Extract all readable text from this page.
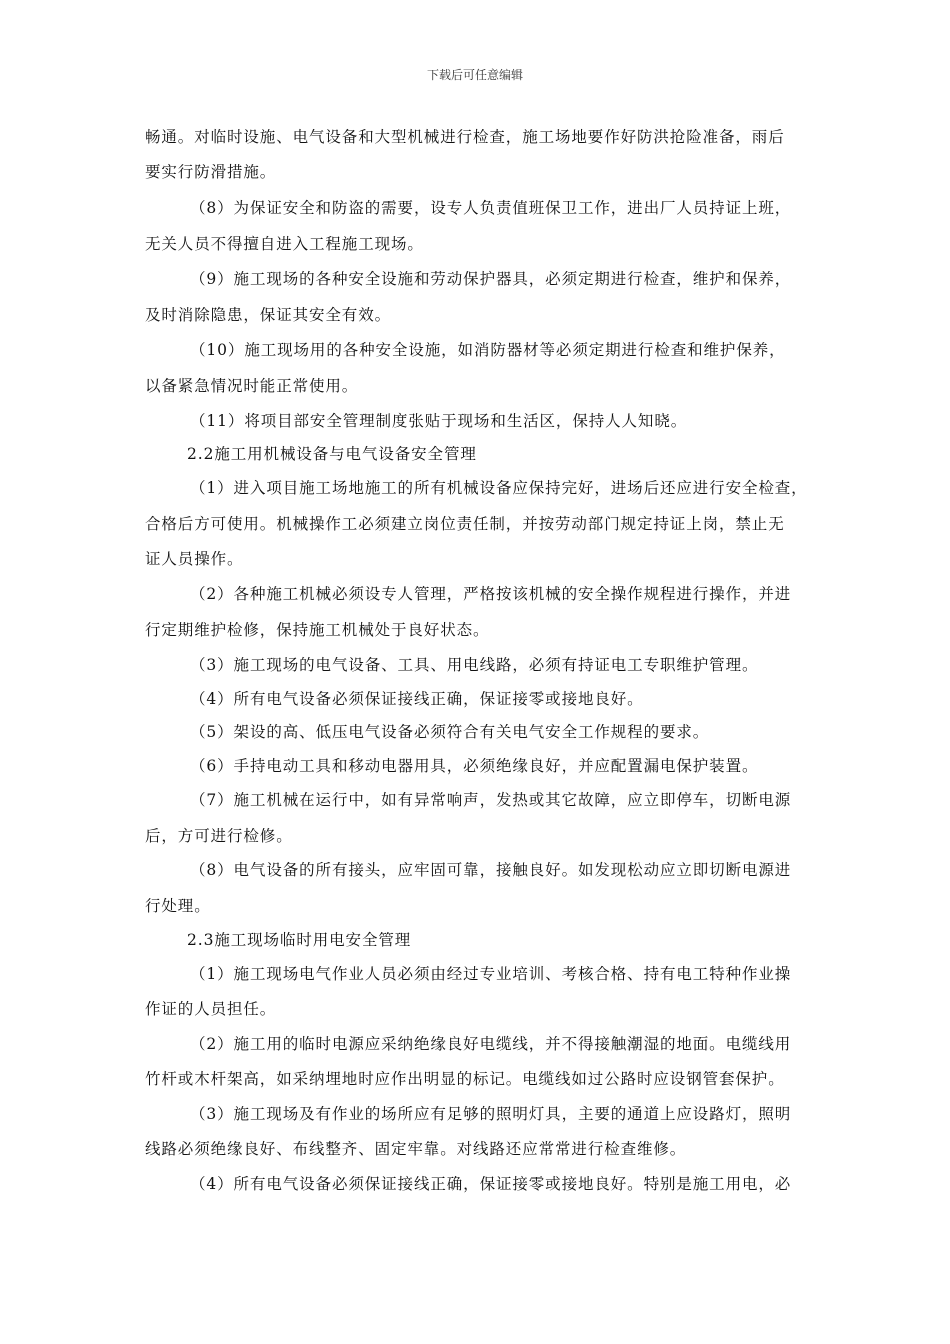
下载后可任意编辑
畅通。对临时设施、电气设备和大型机械进行检查，施工场地要作好防洪抢险准备，雨后
要实行防滑措施。
（8）为保证安全和防盗的需要，设专人负责值班保卫工作，进出厂人员持证上班，
无关人员不得擅自进入工程施工现场。
（9）施工现场的各种安全设施和劳动保护器具，必须定期进行检查，维护和保养，
及时消除隐患，保证其安全有效。
（10）施工现场用的各种安全设施，如消防器材等必须定期进行检查和维护保养，
以备紧急情况时能正常使用。
（11）将项目部安全管理制度张贴于现场和生活区，保持人人知晓。
2.2施工用机械设备与电气设备安全管理
（1）进入项目施工场地施工的所有机械设备应保持完好，进场后还应进行安全检查，
合格后方可使用。机械操作工必须建立岗位责任制，并按劳动部门规定持证上岗，禁止无
证人员操作。
（2）各种施工机械必须设专人管理，严格按该机械的安全操作规程进行操作，并进
行定期维护检修，保持施工机械处于良好状态。
（3）施工现场的电气设备、工具、用电线路，必须有持证电工专职维护管理。
（4）所有电气设备必须保证接线正确，保证接零或接地良好。
（5）架设的高、低压电气设备必须符合有关电气安全工作规程的要求。
（6）手持电动工具和移动电器用具，必须绝缘良好，并应配置漏电保护装置。
（7）施工机械在运行中，如有异常响声，发热或其它故障，应立即停车，切断电源
后，方可进行检修。
（8）电气设备的所有接头，应牢固可靠，接触良好。如发现松动应立即切断电源进
行处理。
2.3施工现场临时用电安全管理
（1）施工现场电气作业人员必须由经过专业培训、考核合格、持有电工特种作业操
作证的人员担任。
（2）施工用的临时电源应采纳绝缘良好电缆线，并不得接触潮湿的地面。电缆线用
竹杆或木杆架高，如采纳埋地时应作出明显的标记。电缆线如过公路时应设钢管套保护。
（3）施工现场及有作业的场所应有足够的照明灯具，主要的通道上应设路灯，照明
线路必须绝缘良好、布线整齐、固定牢靠。对线路还应常常进行检查维修。
（4）所有电气设备必须保证接线正确，保证接零或接地良好。特别是施工用电，必
